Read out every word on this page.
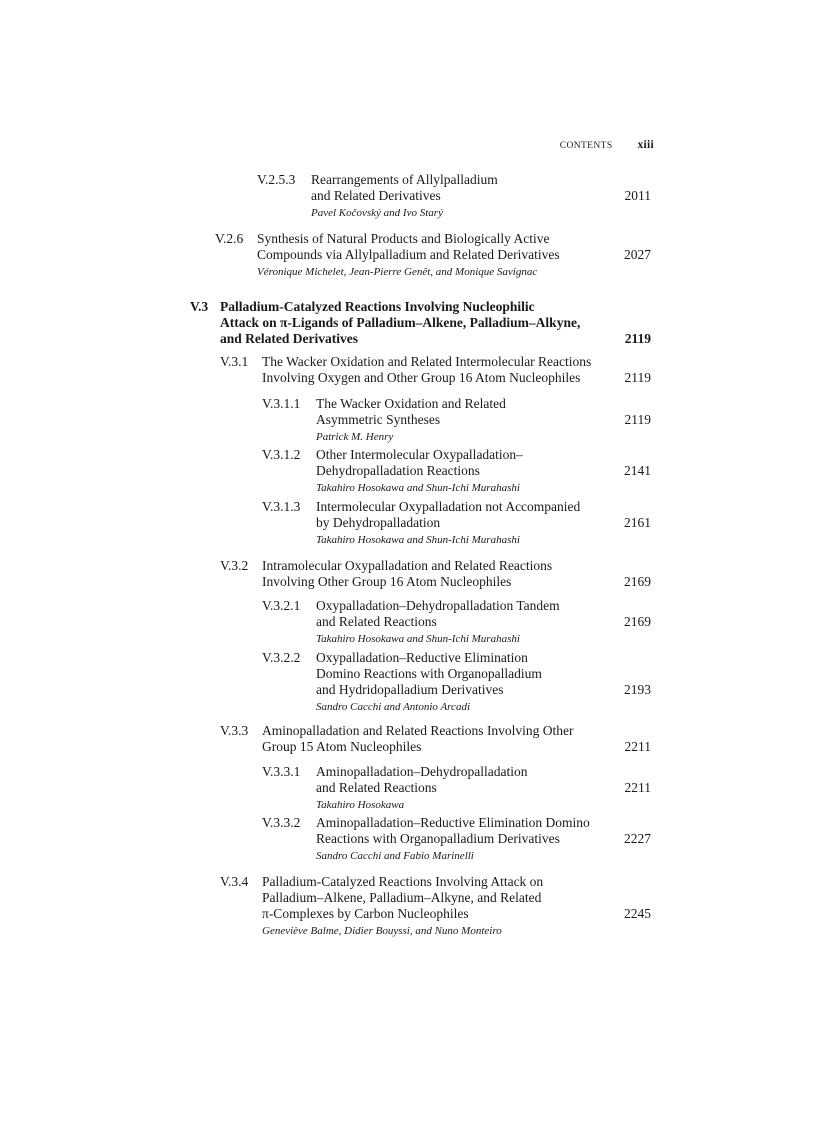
CONTENTS xiii
V.2.5.3 Rearrangements of Allylpalladium
and Related Derivatives	2011
Pavel Kočovský and Ivo Starý
V.2.6 Synthesis of Natural Products and Biologically Active
Compounds via Allylpalladium and Related Derivatives	2027
Véronique Michelet, Jean-Pierre Genêt, and Monique Savignac
V.3 Palladium-Catalyzed Reactions Involving Nucleophilic
Attack on π-Ligands of Palladium–Alkene, Palladium–Alkyne,
and Related Derivatives	2119
V.3.1 The Wacker Oxidation and Related Intermolecular Reactions
Involving Oxygen and Other Group 16 Atom Nucleophiles	2119
V.3.1.1 The Wacker Oxidation and Related
Asymmetric Syntheses	2119
Patrick M. Henry
V.3.1.2 Other Intermolecular Oxypalladation–
Dehydropalladation Reactions	2141
Takahiro Hosokawa and Shun-Ichi Murahashi
V.3.1.3 Intermolecular Oxypalladation not Accompanied
by Dehydropalladation	2161
Takahiro Hosokawa and Shun-Ichi Murahashi
V.3.2 Intramolecular Oxypalladation and Related Reactions
Involving Other Group 16 Atom Nucleophiles	2169
V.3.2.1 Oxypalladation–Dehydropalladation Tandem
and Related Reactions	2169
Takahiro Hosokawa and Shun-Ichi Murahashi
V.3.2.2 Oxypalladation–Reductive Elimination
Domino Reactions with Organopalladium
and Hydridopalladium Derivatives	2193
Sandro Cacchi and Antonio Arcadi
V.3.3 Aminopalladation and Related Reactions Involving Other
Group 15 Atom Nucleophiles	2211
V.3.3.1 Aminopalladation–Dehydropalladation
and Related Reactions	2211
Takahiro Hosokawa
V.3.3.2 Aminopalladation–Reductive Elimination Domino
Reactions with Organopalladium Derivatives	2227
Sandro Cacchi and Fabio Marinelli
V.3.4 Palladium-Catalyzed Reactions Involving Attack on
Palladium–Alkene, Palladium–Alkyne, and Related
π-Complexes by Carbon Nucleophiles	2245
Geneviève Balme, Didier Bouyssi, and Nuno Monteiro
